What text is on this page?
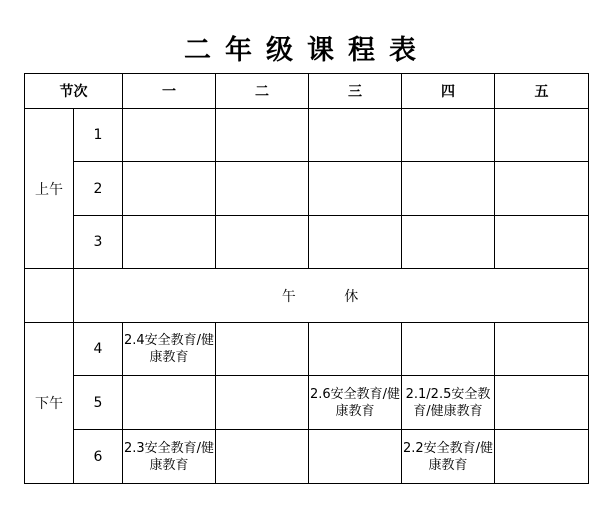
二年级课程表
节次		一	二	三	四	五
上午	1					
	2					
	3					
	午 休					
下午	4	2.4安全教育/健康教育				

	5			2.6安全教育/健康教育	2.1/2.5安全教育/健康教育	

	6	2.3安全教育/健康教育			2.2安全教育/健康教育	
